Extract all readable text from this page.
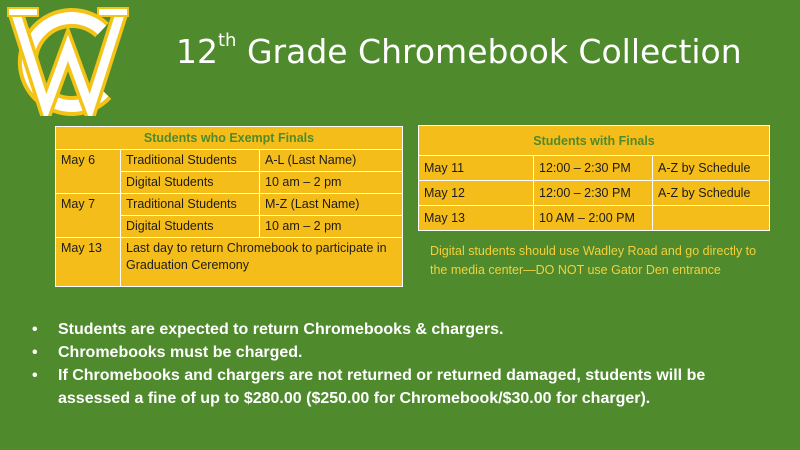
12th Grade Chromebook Collection
Students who Exempt Finals		
May 6	Traditional Students	A-L (Last Name)
	Digital Students	10 am – 2 pm
May 7	Traditional Students	M-Z (Last Name)
	Digital Students	10 am – 2 pm
May 13	Last day to return Chromebook to participate in Graduation Ceremony	
Students with Finals		
May 11	12:00 – 2:30 PM	A-Z by Schedule
May 12	12:00 – 2:30 PM	A-Z by Schedule
May 13	10 AM – 2:00 PM	
Digital students should use Wadley Road and go directly to the media center—DO NOT use Gator Den entrance
• Students are expected to return Chromebooks & chargers.
• Chromebooks must be charged.
• If Chromebooks and chargers are not returned or returned damaged, students will be assessed a fine of up to $280.00 ($250.00 for Chromebook/$30.00 for charger).
